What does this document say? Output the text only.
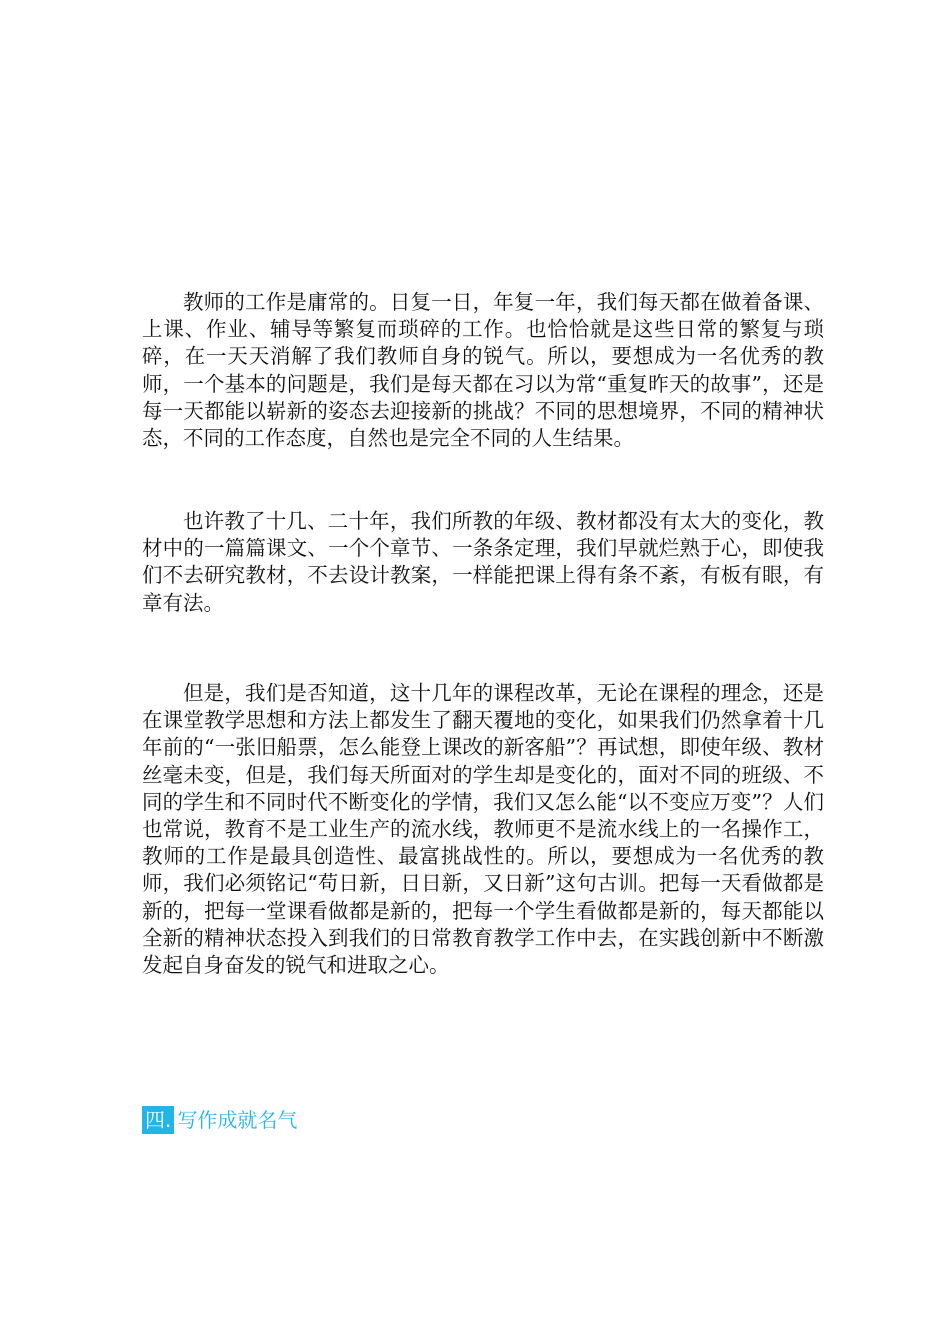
教师的工作是庸常的。日复一日，年复一年，我们每天都在做着备课、上课、作业、辅导等繁复而琐碎的工作。也恰恰就是这些日常的繁复与琐碎，在一天天消解了我们教师自身的锐气。所以，要想成为一名优秀的教师，一个基本的问题是，我们是每天都在习以为常“重复昨天的故事”，还是每一天都能以崭新的姿态去迎接新的挑战？不同的思想境界，不同的精神状态，不同的工作态度，自然也是完全不同的人生结果。

也许教了十几、二十年，我们所教的年级、教材都没有太大的变化，教材中的一篇篇课文、一个个章节、一条条定理，我们早就烂熟于心，即使我们不去研究教材，不去设计教案，一样能把课上得有条不紊，有板有眼，有章有法。

但是，我们是否知道，这十几年的课程改革，无论在课程的理念，还是在课堂教学思想和方法上都发生了翻天覆地的变化，如果我们仍然拿着十几年前的“一张旧船票，怎么能登上课改的新客船”？再试想，即使年级、教材丝毫未变，但是，我们每天所面对的学生却是变化的，面对不同的班级、不同的学生和不同时代不断变化的学情，我们又怎么能“以不变应万变”？人们也常说，教育不是工业生产的流水线，教师更不是流水线上的一名操作工，教师的工作是最具创造性、最富挑战性的。所以，要想成为一名优秀的教师，我们必须铭记“苟日新，日日新，又日新”这句古训。把每一天看做都是新的，把每一堂课看做都是新的，把每一个学生看做都是新的，每天都能以全新的精神状态投入到我们的日常教育教学工作中去，在实践创新中不断激发起自身奋发的锐气和进取之心。

四. 写作成就名气
